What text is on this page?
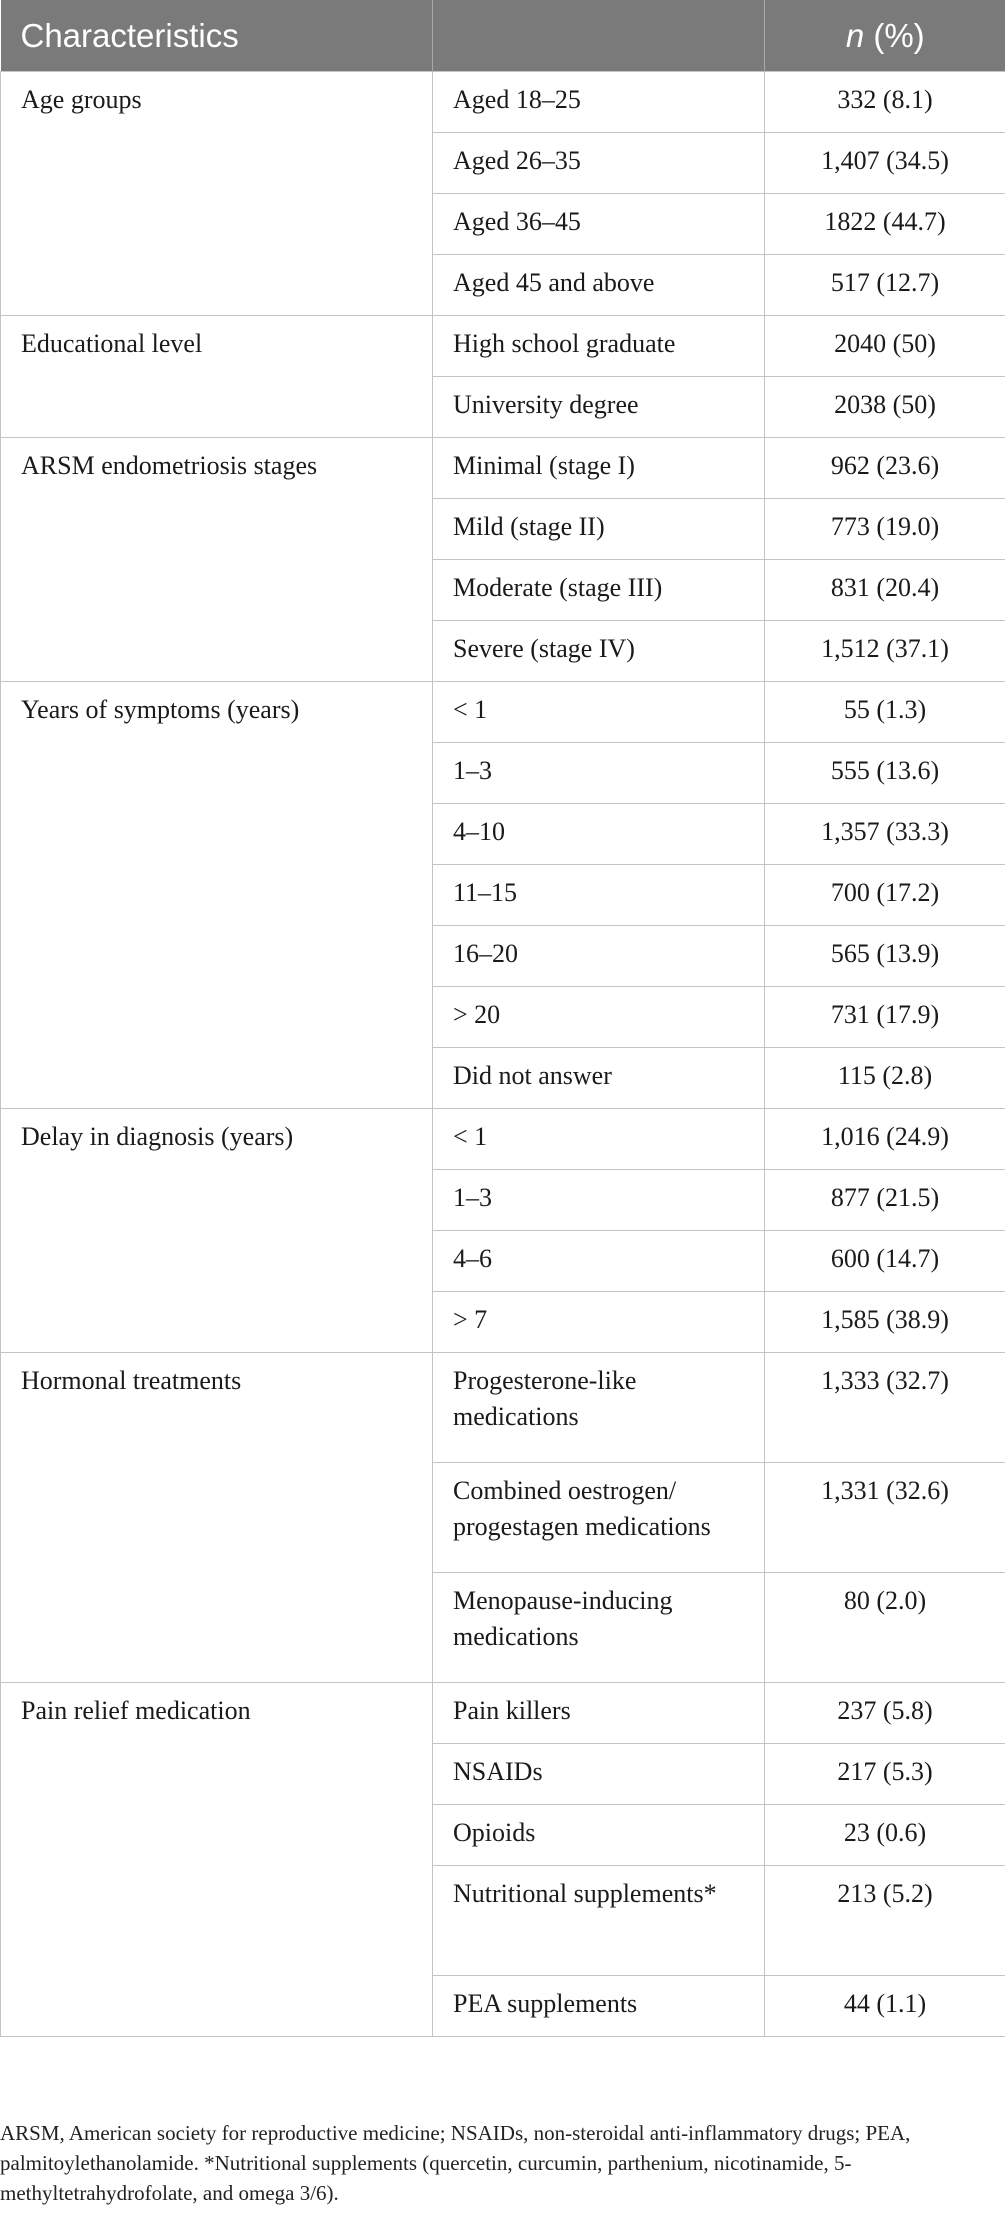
Characteristics		n (%)
Age groups	Aged 18–25	332 (8.1)
	Aged 26–35	1,407 (34.5)
	Aged 36–45	1822 (44.7)
	Aged 45 and above	517 (12.7)
Educational level	High school graduate	2040 (50)
	University degree	2038 (50)
ARSM endometriosis stages	Minimal (stage I)	962 (23.6)
	Mild (stage II)	773 (19.0)
	Moderate (stage III)	831 (20.4)
	Severe (stage IV)	1,512 (37.1)
Years of symptoms (years)	< 1	55 (1.3)
	1–3	555 (13.6)
	4–10	1,357 (33.3)
	11–15	700 (17.2)
	16–20	565 (13.9)
	> 20	731 (17.9)
	Did not answer	115 (2.8)
Delay in diagnosis (years)	< 1	1,016 (24.9)
	1–3	877 (21.5)
	4–6	600 (14.7)
	> 7	1,585 (38.9)
Hormonal treatments	Progesterone-like medications	1,333 (32.7)
	Combined oestrogen/ progestagen medications	1,331 (32.6)
	Menopause-inducing medications	80 (2.0)
Pain relief medication	Pain killers	237 (5.8)
	NSAIDs	217 (5.3)
	Opioids	23 (0.6)
	Nutritional supplements*	213 (5.2)
	PEA supplements	44 (1.1)
ARSM, American society for reproductive medicine; NSAIDs, non-steroidal anti-inflammatory drugs; PEA, palmitoylethanolamide. *Nutritional supplements (quercetin, curcumin, parthenium, nicotinamide, 5-methyltetrahydrofolate, and omega 3/6).
